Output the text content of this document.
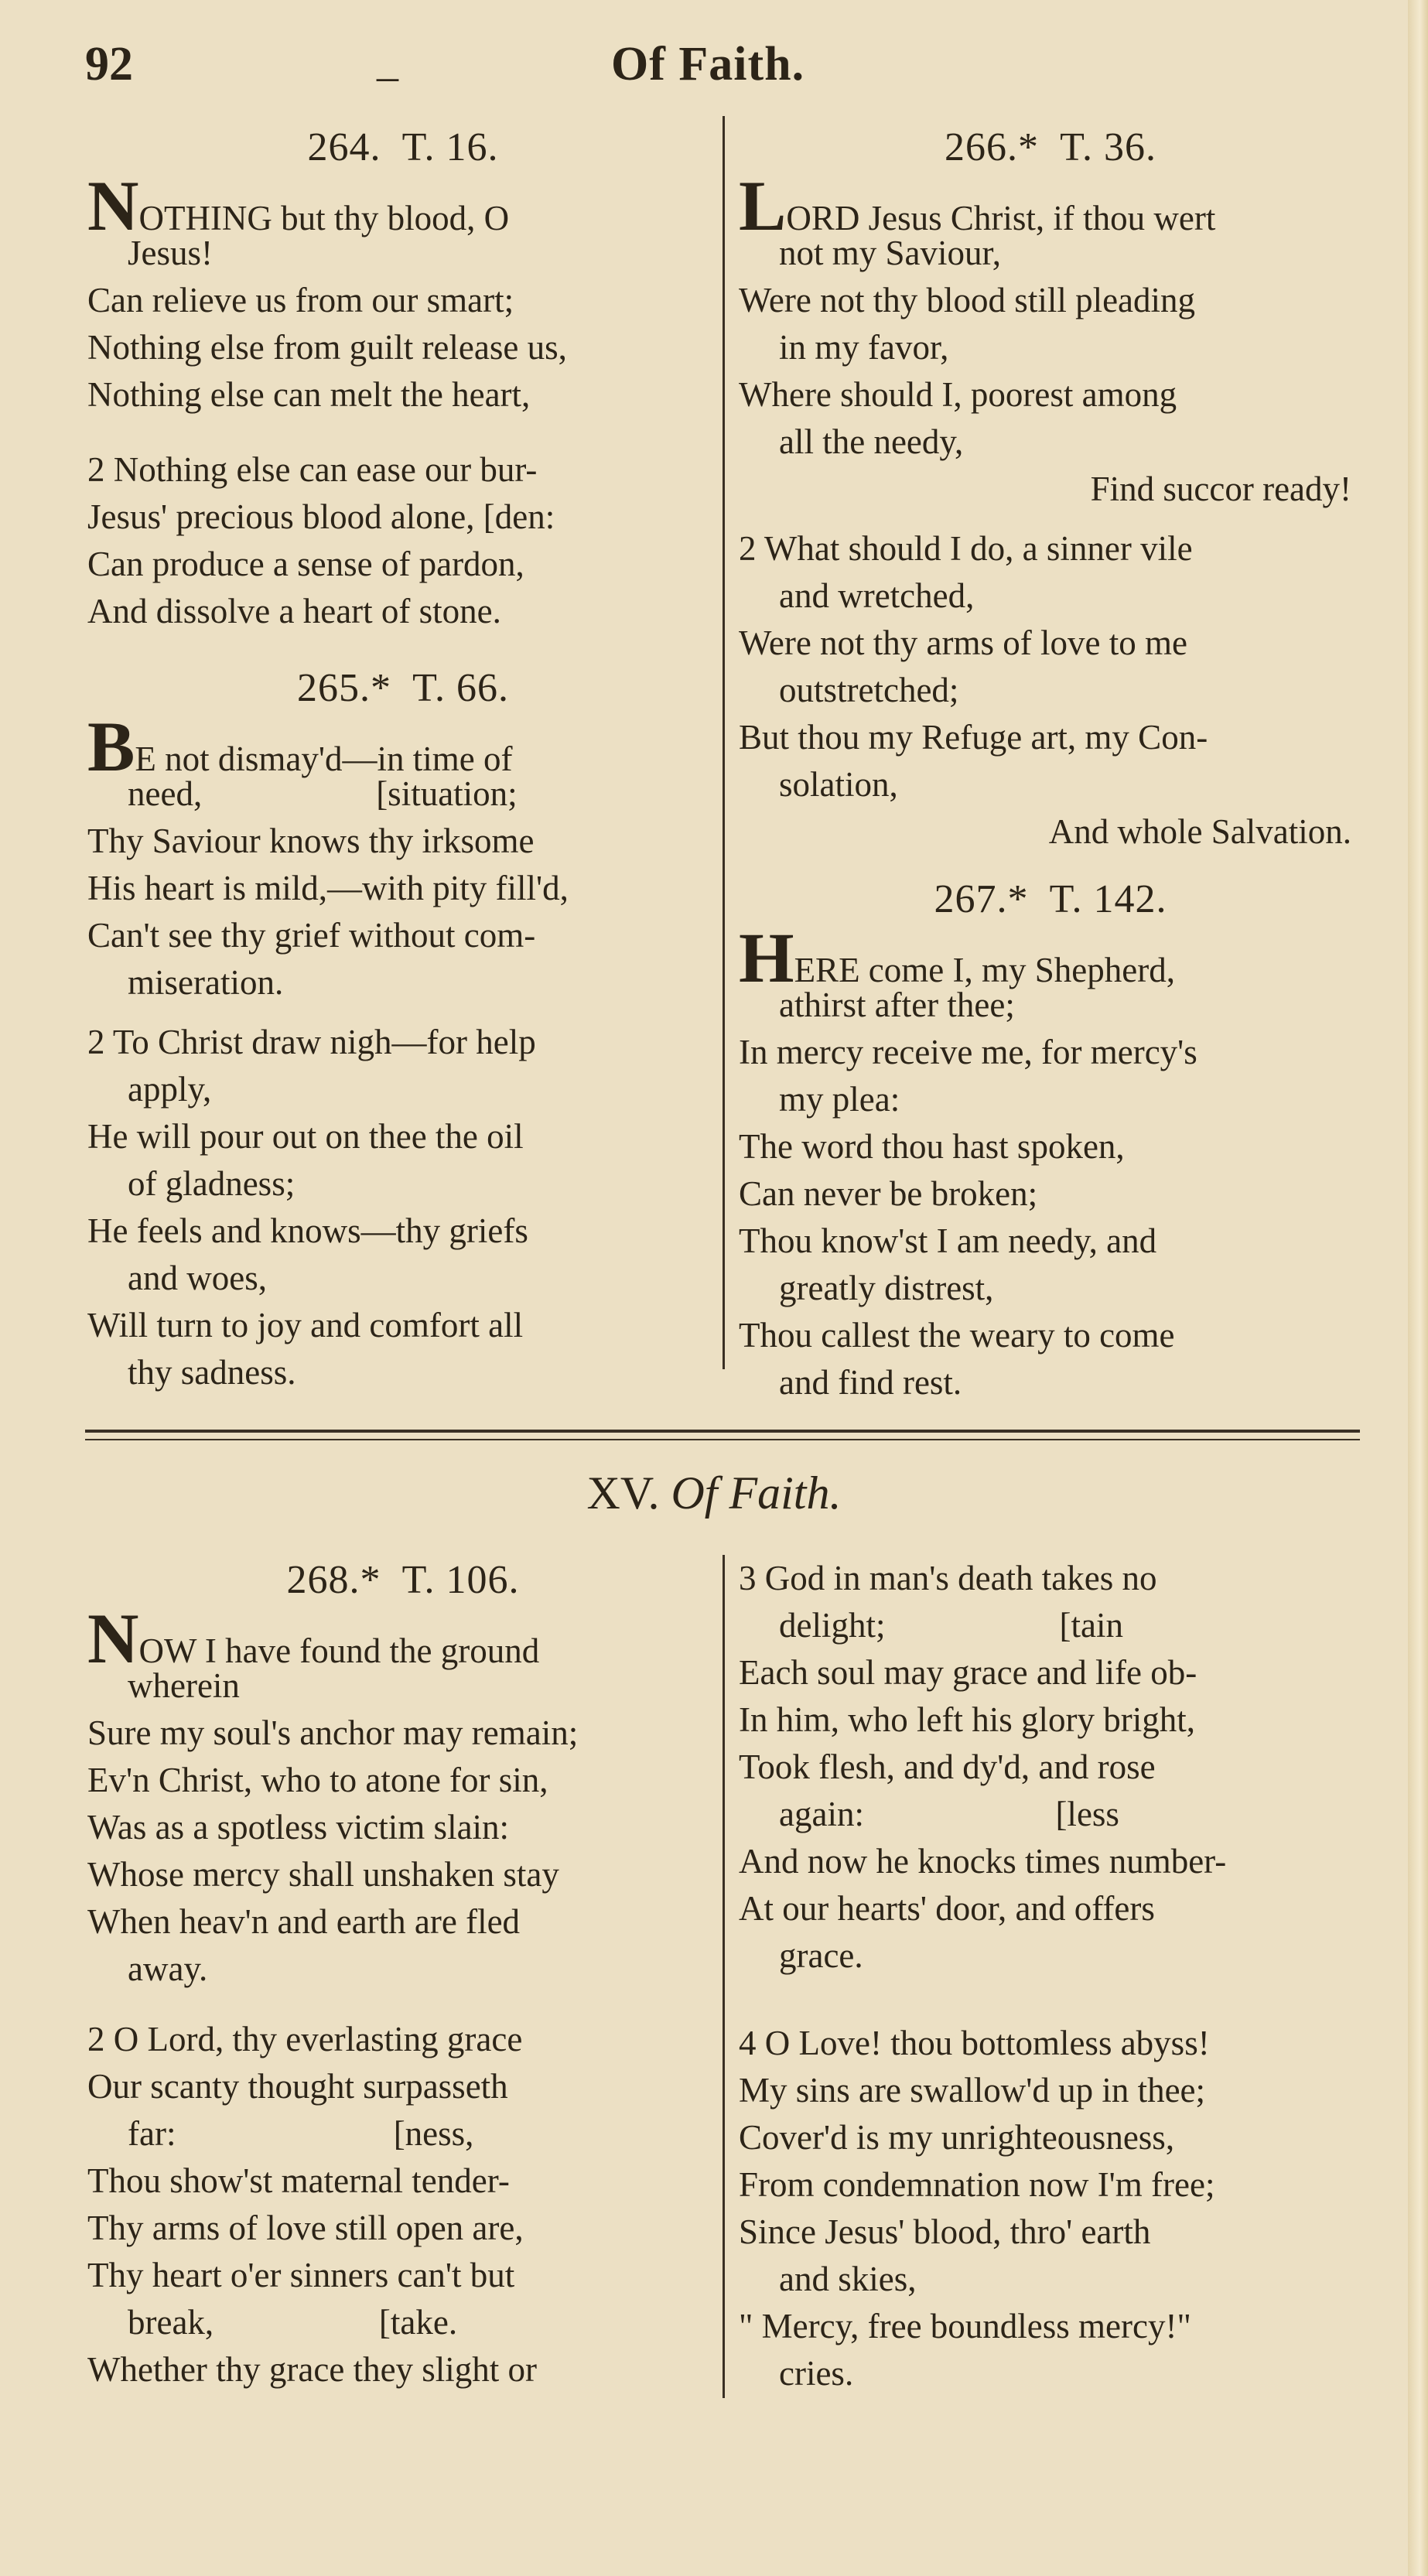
92	_	Of Faith.
264. T. 16.
NOTHING but thy blood, O
Jesus!
Can relieve us from our smart;
Nothing else from guilt release us,
Nothing else can melt the heart,
2 Nothing else can ease our bur-
Jesus' precious blood alone, [den:
Can produce a sense of pardon,
And dissolve a heart of stone.
265.* T. 66.
BE not dismay'd—in time of
need,                    [situation;
Thy Saviour knows thy irksome
His heart is mild,—with pity fill'd,
Can't see thy grief without com-
miseration.
2 To Christ draw nigh—for help
apply,
He will pour out on thee the oil
of gladness;
He feels and knows—thy griefs
and woes,
Will turn to joy and comfort all
thy sadness.
266.* T. 36.
LORD Jesus Christ, if thou wert
not my Saviour,
Were not thy blood still pleading
in my favor,
Where should I, poorest among
all the needy,
Find succor ready!
2 What should I do, a sinner vile
and wretched,
Were not thy arms of love to me
outstretched;
But thou my Refuge art, my Con-
solation,
And whole Salvation.
267.* T. 142.
HERE come I, my Shepherd,
athirst after thee;
In mercy receive me, for mercy's
my plea:
The word thou hast spoken,
Can never be broken;
Thou know'st I am needy, and
greatly distrest,
Thou callest the weary to come
and find rest.
XV. Of Faith.
268.* T. 106.
NOW I have found the ground
wherein
Sure my soul's anchor may remain;
Ev'n Christ, who to atone for sin,
Was as a spotless victim slain:
Whose mercy shall unshaken stay
When heav'n and earth are fled
away.
2 O Lord, thy everlasting grace
Our scanty thought surpasseth
far:                         [ness,
Thou show'st maternal tender-
Thy arms of love still open are,
Thy heart o'er sinners can't but
break,                   [take.
Whether thy grace they slight or
3 God in man's death takes no
delight;                    [tain
Each soul may grace and life ob-
In him, who left his glory bright,
Took flesh, and dy'd, and rose
again:                      [less
And now he knocks times number-
At our hearts' door, and offers
grace.
4 O Love! thou bottomless abyss!
My sins are swallow'd up in thee;
Cover'd is my unrighteousness,
From condemnation now I'm free;
Since Jesus' blood, thro' earth
and skies,
" Mercy, free boundless mercy!"
cries.
